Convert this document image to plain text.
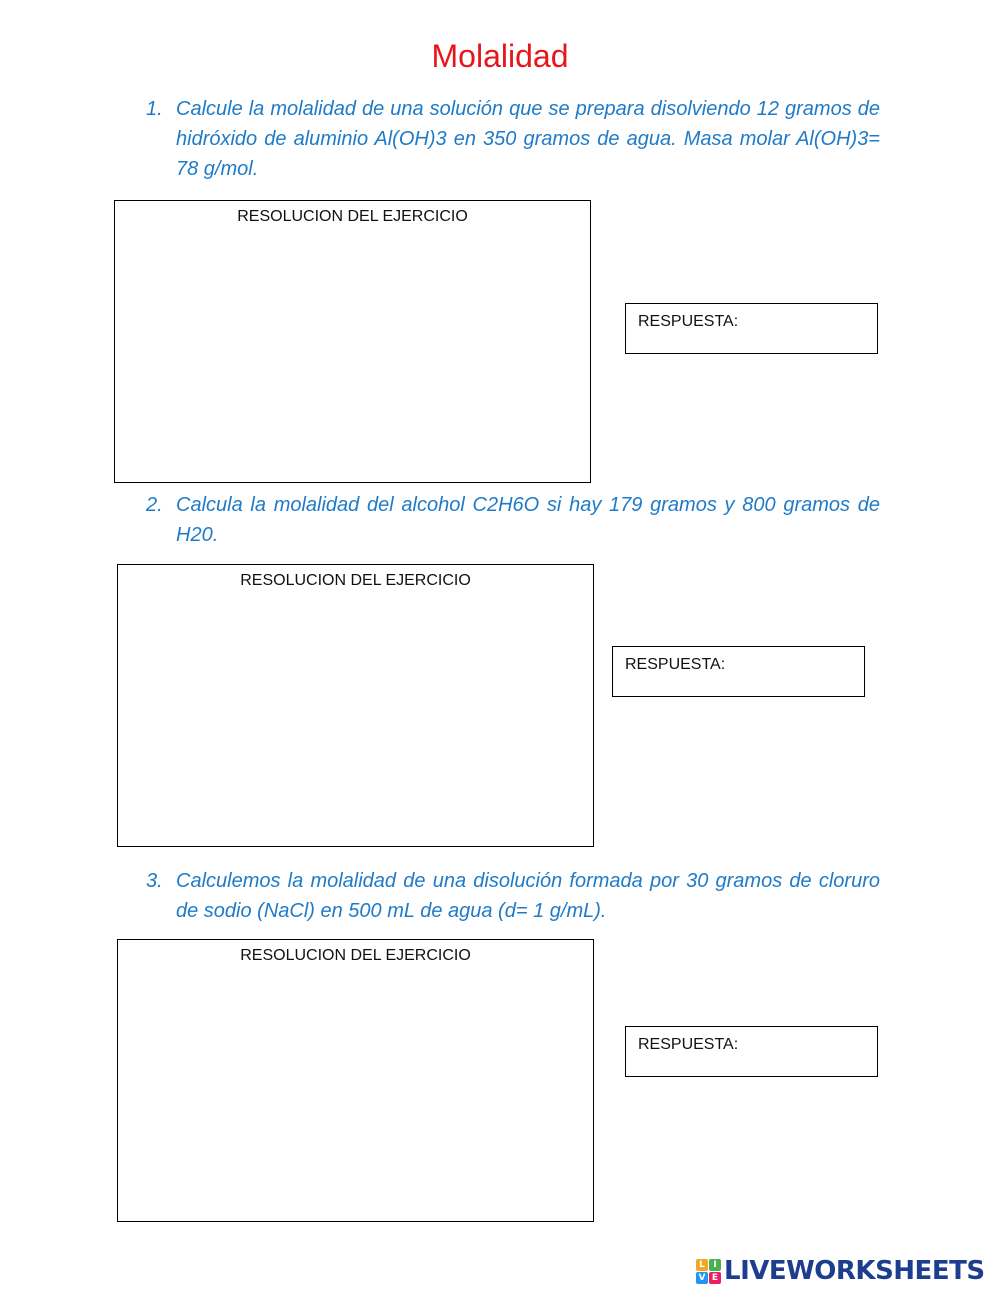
Molalidad
1. Calcule la molalidad de una solución que se prepara disolviendo 12 gramos de hidróxido de aluminio Al(OH)3 en 350 gramos de agua. Masa molar Al(OH)3= 78 g/mol.
RESOLUCION DEL EJERCICIO
RESPUESTA:
2. Calcula la molalidad del alcohol C2H6O si hay 179 gramos y 800 gramos de H20.
RESOLUCION DEL EJERCICIO
RESPUESTA:
3. Calculemos la molalidad de una disolución formada por 30 gramos de cloruro de sodio (NaCl) en 500 mL de agua (d= 1 g/mL).
RESOLUCION DEL EJERCICIO
RESPUESTA:
L I
V E LIVEWORKSHEETS
